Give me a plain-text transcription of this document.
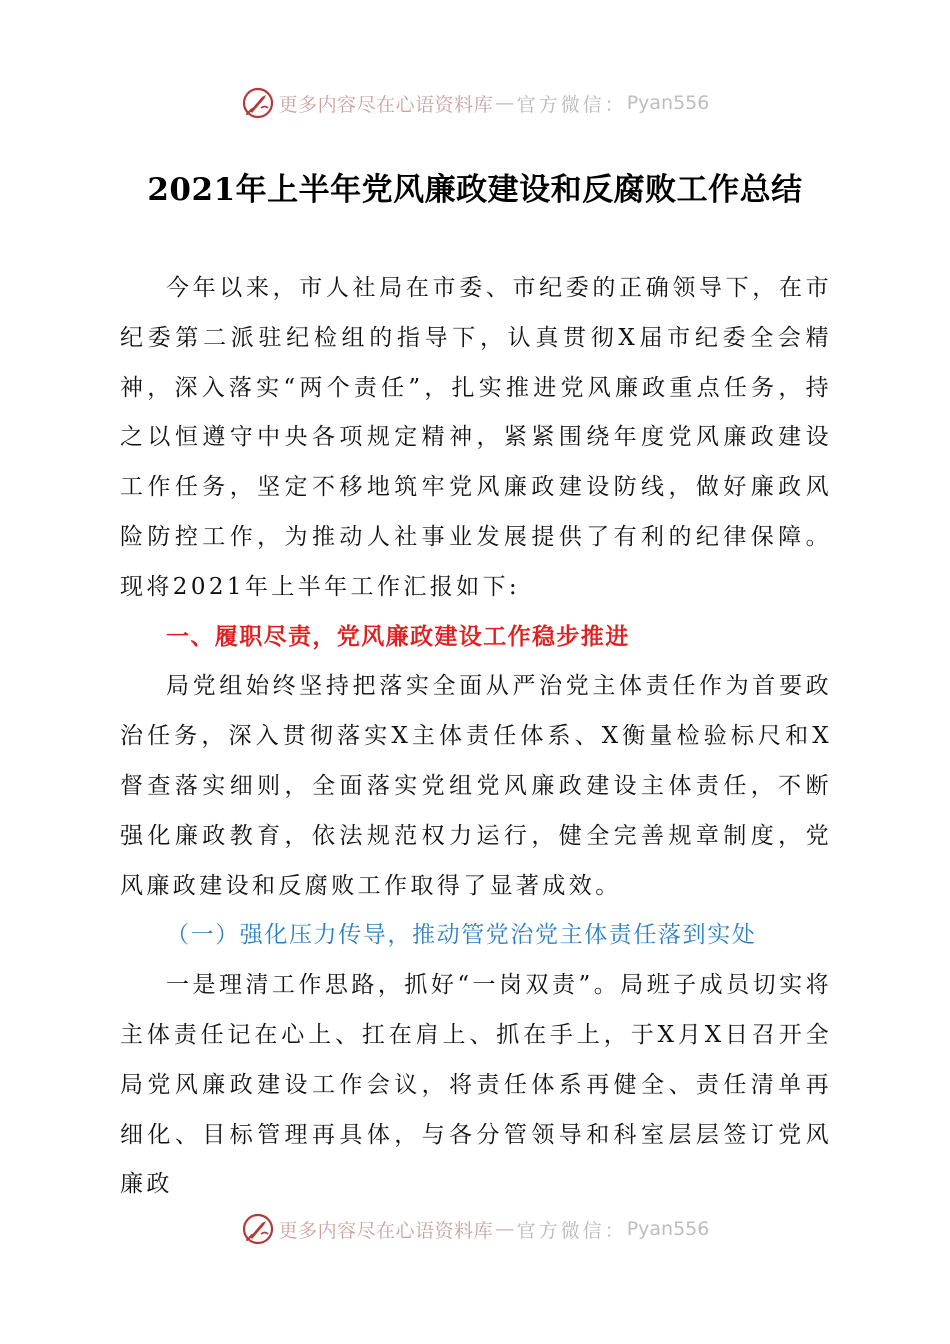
更多内容尽在心语资料库 — 官方微信： Pyan556
2021年上半年党风廉政建设和反腐败工作总结

今年以来，市人社局在市委、市纪委的正确领导下，在市纪委第二派驻纪检组的指导下，认真贯彻X届市纪委全会精神，深入落实“两个责任”，扎实推进党风廉政重点任务，持之以恒遵守中央各项规定精神，紧紧围绕年度党风廉政建设工作任务，坚定不移地筑牢党风廉政建设防线，做好廉政风险防控工作，为推动人社事业发展提供了有利的纪律保障。现将2021年上半年工作汇报如下:

一、履职尽责，党风廉政建设工作稳步推进

局党组始终坚持把落实全面从严治党主体责任作为首要政治任务，深入贯彻落实X主体责任体系、X衡量检验标尺和X督查落实细则，全面落实党组党风廉政建设主体责任，不断强化廉政教育，依法规范权力运行，健全完善规章制度，党风廉政建设和反腐败工作取得了显著成效。

（一）强化压力传导，推动管党治党主体责任落到实处

一是理清工作思路，抓好“一岗双责”。局班子成员切实将主体责任记在心上、扛在肩上、抓在手上，于X月X日召开全局党风廉政建设工作会议，将责任体系再健全、责任清单再细化、目标管理再具体，与各分管领导和科室层层签订党风廉政

更多内容尽在心语资料库 — 官方微信： Pyan556
